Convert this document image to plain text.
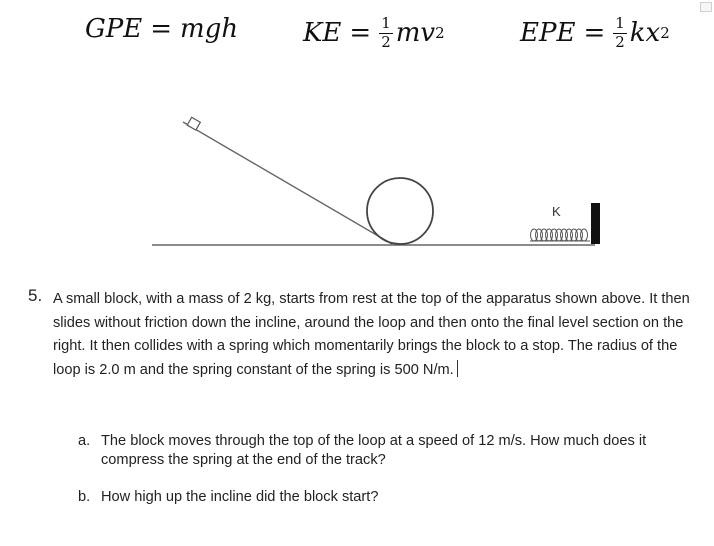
GPE = mgh KE = $\frac{1}{2}$ mv 2	EPE = $\frac{1}{2}$ kx 2
K
5. A small block, with a mass of 2 kg, starts from rest at the top of the apparatus shown above. It then slides without friction down the incline, around the loop and then onto the final level section on the right. It then collides with a spring which momentarily brings the block to a stop. The radius of the loop is 2.0 m and the spring constant of the spring is 500 N/m.
a. The block moves through the top of the loop at a speed of 12 m/s. How much does it compress the spring at the end of the track?
b. How high up the incline did the block start?
